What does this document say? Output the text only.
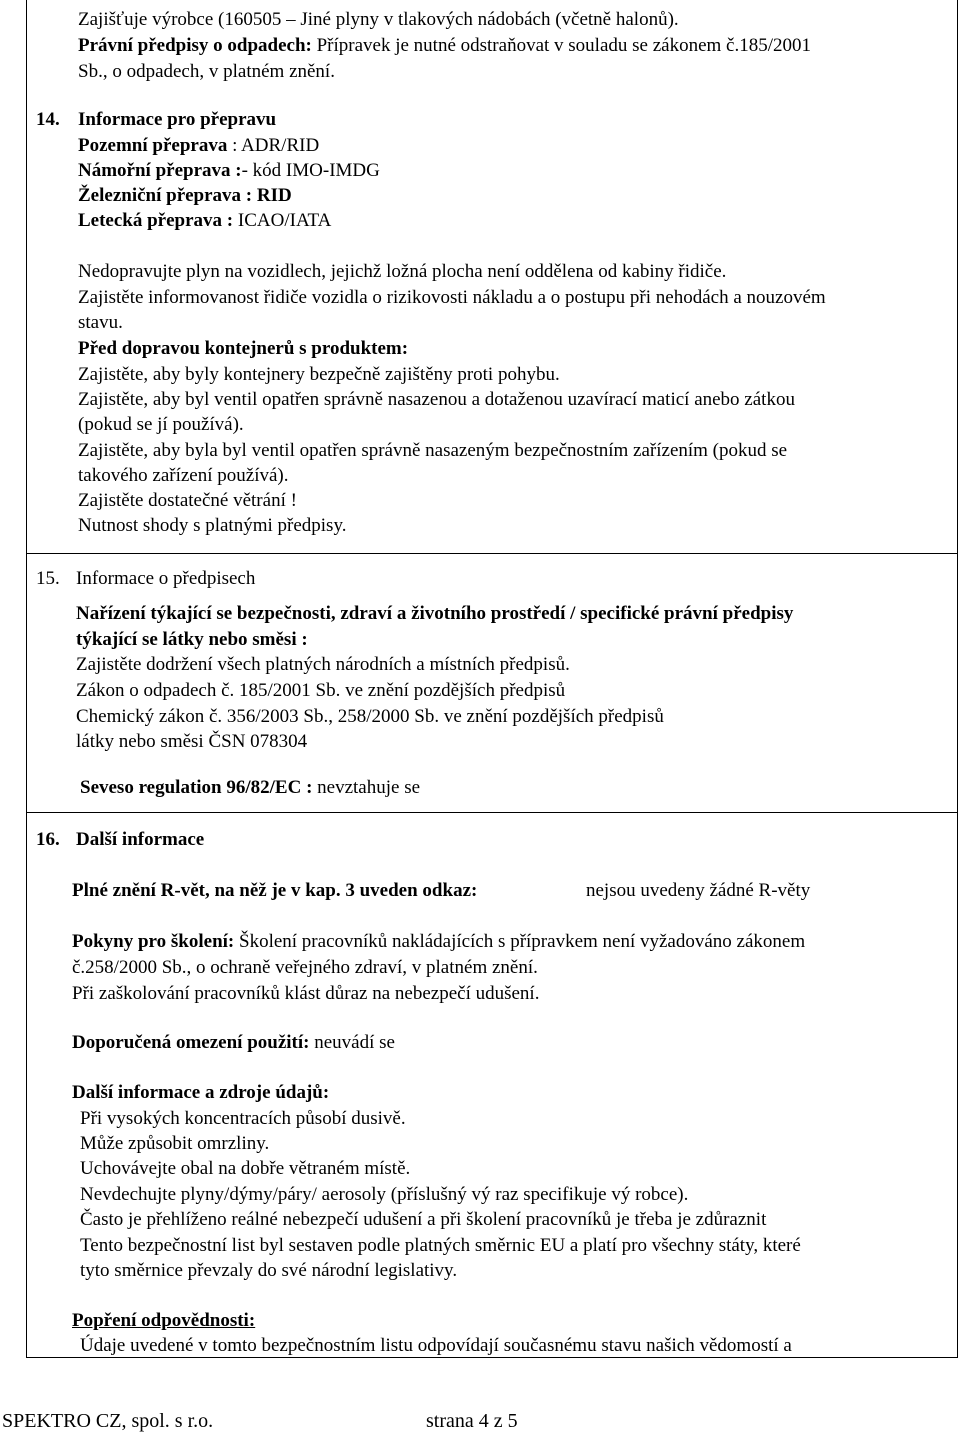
Zajišťuje výrobce (160505 – Jiné plyny v tlakových nádobách (včetně halonů).
Právní předpisy o odpadech: Přípravek je nutné odstraňovat v souladu se zákonem č.185/2001
Sb., o odpadech, v platném znění.
14. Informace pro přepravu
Pozemní přeprava : ADR/RID
Námořní přeprava :- kód IMO-IMDG
Železniční přeprava : RID
Letecká přeprava : ICAO/IATA
Nedopravujte plyn na vozidlech, jejichž ložná plocha není oddělena od kabiny řidiče.
Zajistěte informovanost řidiče vozidla o rizikovosti nákladu a o postupu při nehodách a nouzovém
stavu.
Před dopravou kontejnerů s produktem:
Zajistěte, aby byly kontejnery bezpečně zajištěny proti pohybu.
Zajistěte, aby byl ventil opatřen správně nasazenou a dotaženou uzavírací maticí anebo zátkou
(pokud se jí používá).
Zajistěte, aby byla byl ventil opatřen správně nasazeným bezpečnostním zařízením (pokud se
takového zařízení používá).
Zajistěte dostatečné větrání !
Nutnost shody s platnými předpisy.
15. Informace o předpisech
Nařízení týkající se bezpečnosti, zdraví a životního prostředí / specifické právní předpisy
týkající se látky nebo směsi :
Zajistěte dodržení všech platných národních a místních předpisů.
Zákon o odpadech č. 185/2001 Sb. ve znění pozdějších předpisů
Chemický zákon č. 356/2003 Sb., 258/2000 Sb. ve znění pozdějších předpisů
látky nebo směsi ČSN 078304
Seveso regulation 96/82/EC : nevztahuje se
16. Další informace
Plné znění R-vět, na něž je v kap. 3 uveden odkaz:	nejsou uvedeny žádné R-věty
Pokyny pro školení: Školení pracovníků nakládajících s přípravkem není vyžadováno zákonem
č.258/2000 Sb., o ochraně veřejného zdraví, v platném znění.
Při zaškolování pracovníků klást důraz na nebezpečí udušení.
Doporučená omezení použití: neuvádí se
Další informace a zdroje údajů:
Při vysokých koncentracích působí dusivě.
Může způsobit omrzliny.
Uchovávejte obal na dobře větraném místě.
Nevdechujte plyny/dýmy/páry/ aerosoly (příslušný vý raz specifikuje vý robce).
Často je přehlíženo reálné nebezpečí udušení a při školení pracovníků je třeba je zdůraznit
Tento bezpečnostní list byl sestaven podle platných směrnic EU a platí pro všechny státy, které
tyto směrnice převzaly do své národní legislativy.
Popření odpovědnosti:
Údaje uvedené v tomto bezpečnostním listu odpovídají současnému stavu našich vědomostí a
SPEKTRO CZ, spol. s r.o.	strana 4 z 5
